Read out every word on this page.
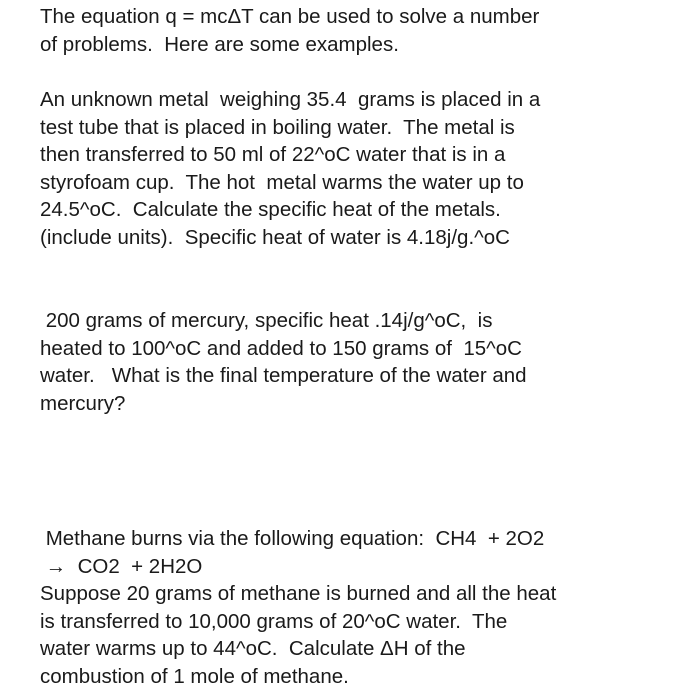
The equation q = mcΔT can be used to solve a number
of problems.  Here are some examples.
An unknown metal  weighing 35.4  grams is placed in a
test tube that is placed in boiling water.  The metal is
then transferred to 50 ml of 22^oC water that is in a
styrofoam cup.  The hot  metal warms the water up to
24.5^oC.  Calculate the specific heat of the metals.
(include units).  Specific heat of water is 4.18j/g.^oC
200 grams of mercury, specific heat .14j/g^oC,  is
heated to 100^oC and added to 150 grams of  15^oC
water.   What is the final temperature of the water and
mercury?
Methane burns via the following equation:  CH4  + 2O2
→  CO2  + 2H2O
Suppose 20 grams of methane is burned and all the heat
is transferred to 10,000 grams of 20^oC water.  The
water warms up to 44^oC.  Calculate ΔH of the
combustion of 1 mole of methane.
